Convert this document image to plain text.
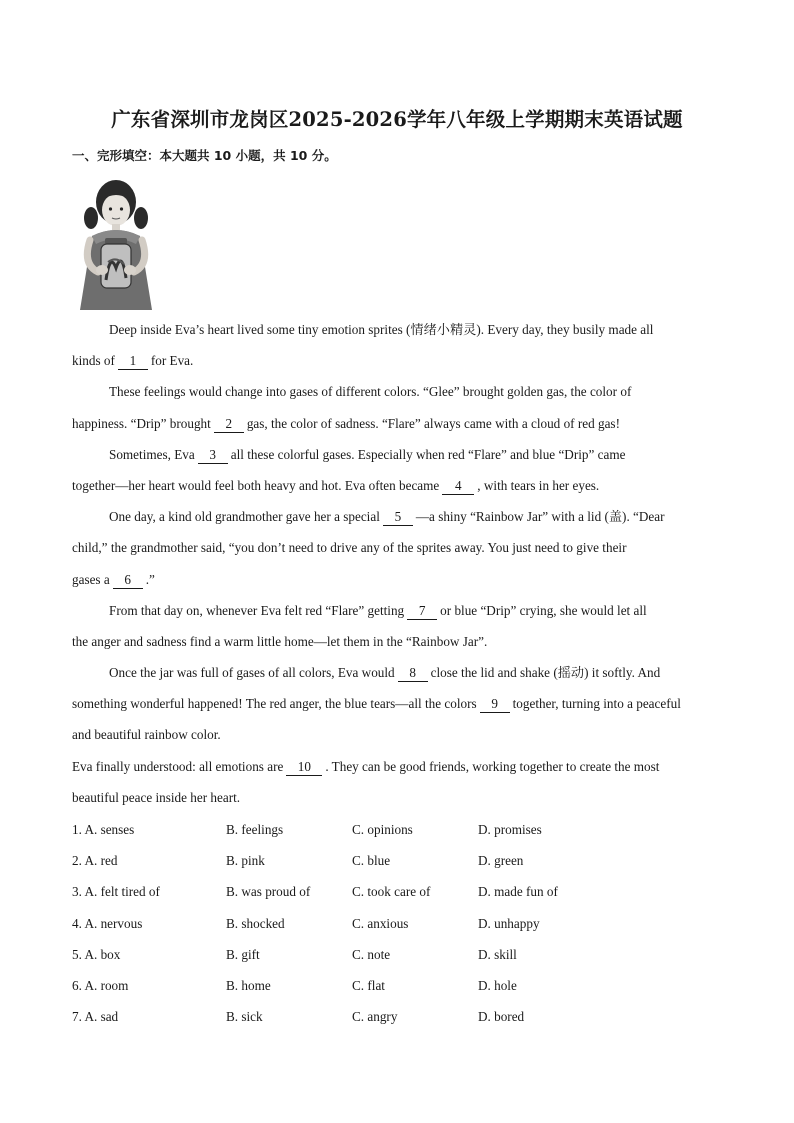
广东省深圳市龙岗区2025-2026学年八年级上学期期末英语试题
一、完形填空：本大题共 10 小题，共 10 分。
Deep inside Eva’s heart lived some tiny emotion sprites (情绪小精灵). Every day, they busily made all
kinds of 1 for Eva.
These feelings would change into gases of different colors. “Glee” brought golden gas, the color of
happiness. “Drip” brought 2 gas, the color of sadness. “Flare” always came with a cloud of red gas!
Sometimes, Eva 3 all these colorful gases. Especially when red “Flare” and blue “Drip” came
together—her heart would feel both heavy and hot. Eva often became 4 , with tears in her eyes.
One day, a kind old grandmother gave her a special 5 —a shiny “Rainbow Jar” with a lid (盖). “Dear
child,” the grandmother said, “you don’t need to drive any of the sprites away. You just need to give their
gases a 6 .”
From that day on, whenever Eva felt red “Flare” getting 7 or blue “Drip” crying, she would let all
the anger and sadness find a warm little home—let them in the “Rainbow Jar”.
Once the jar was full of gases of all colors, Eva would 8 close the lid and shake (摇动) it softly. And
something wonderful happened! The red anger, the blue tears—all the colors 9 together, turning into a peaceful
and beautiful rainbow color.
Eva finally understood: all emotions are 10 . They can be good friends, working together to create the most
beautiful peace inside her heart.
1. A. senses	B. feelings	C. opinions	D. promises
2. A. red	B. pink	C. blue	D. green
3. A. felt tired of	B. was proud of	C. took care of	D. made fun of
4. A. nervous	B. shocked	C. anxious	D. unhappy
5. A. box	B. gift	C. note	D. skill
6. A. room	B. home	C. flat	D. hole
7. A. sad	B. sick	C. angry	D. bored
